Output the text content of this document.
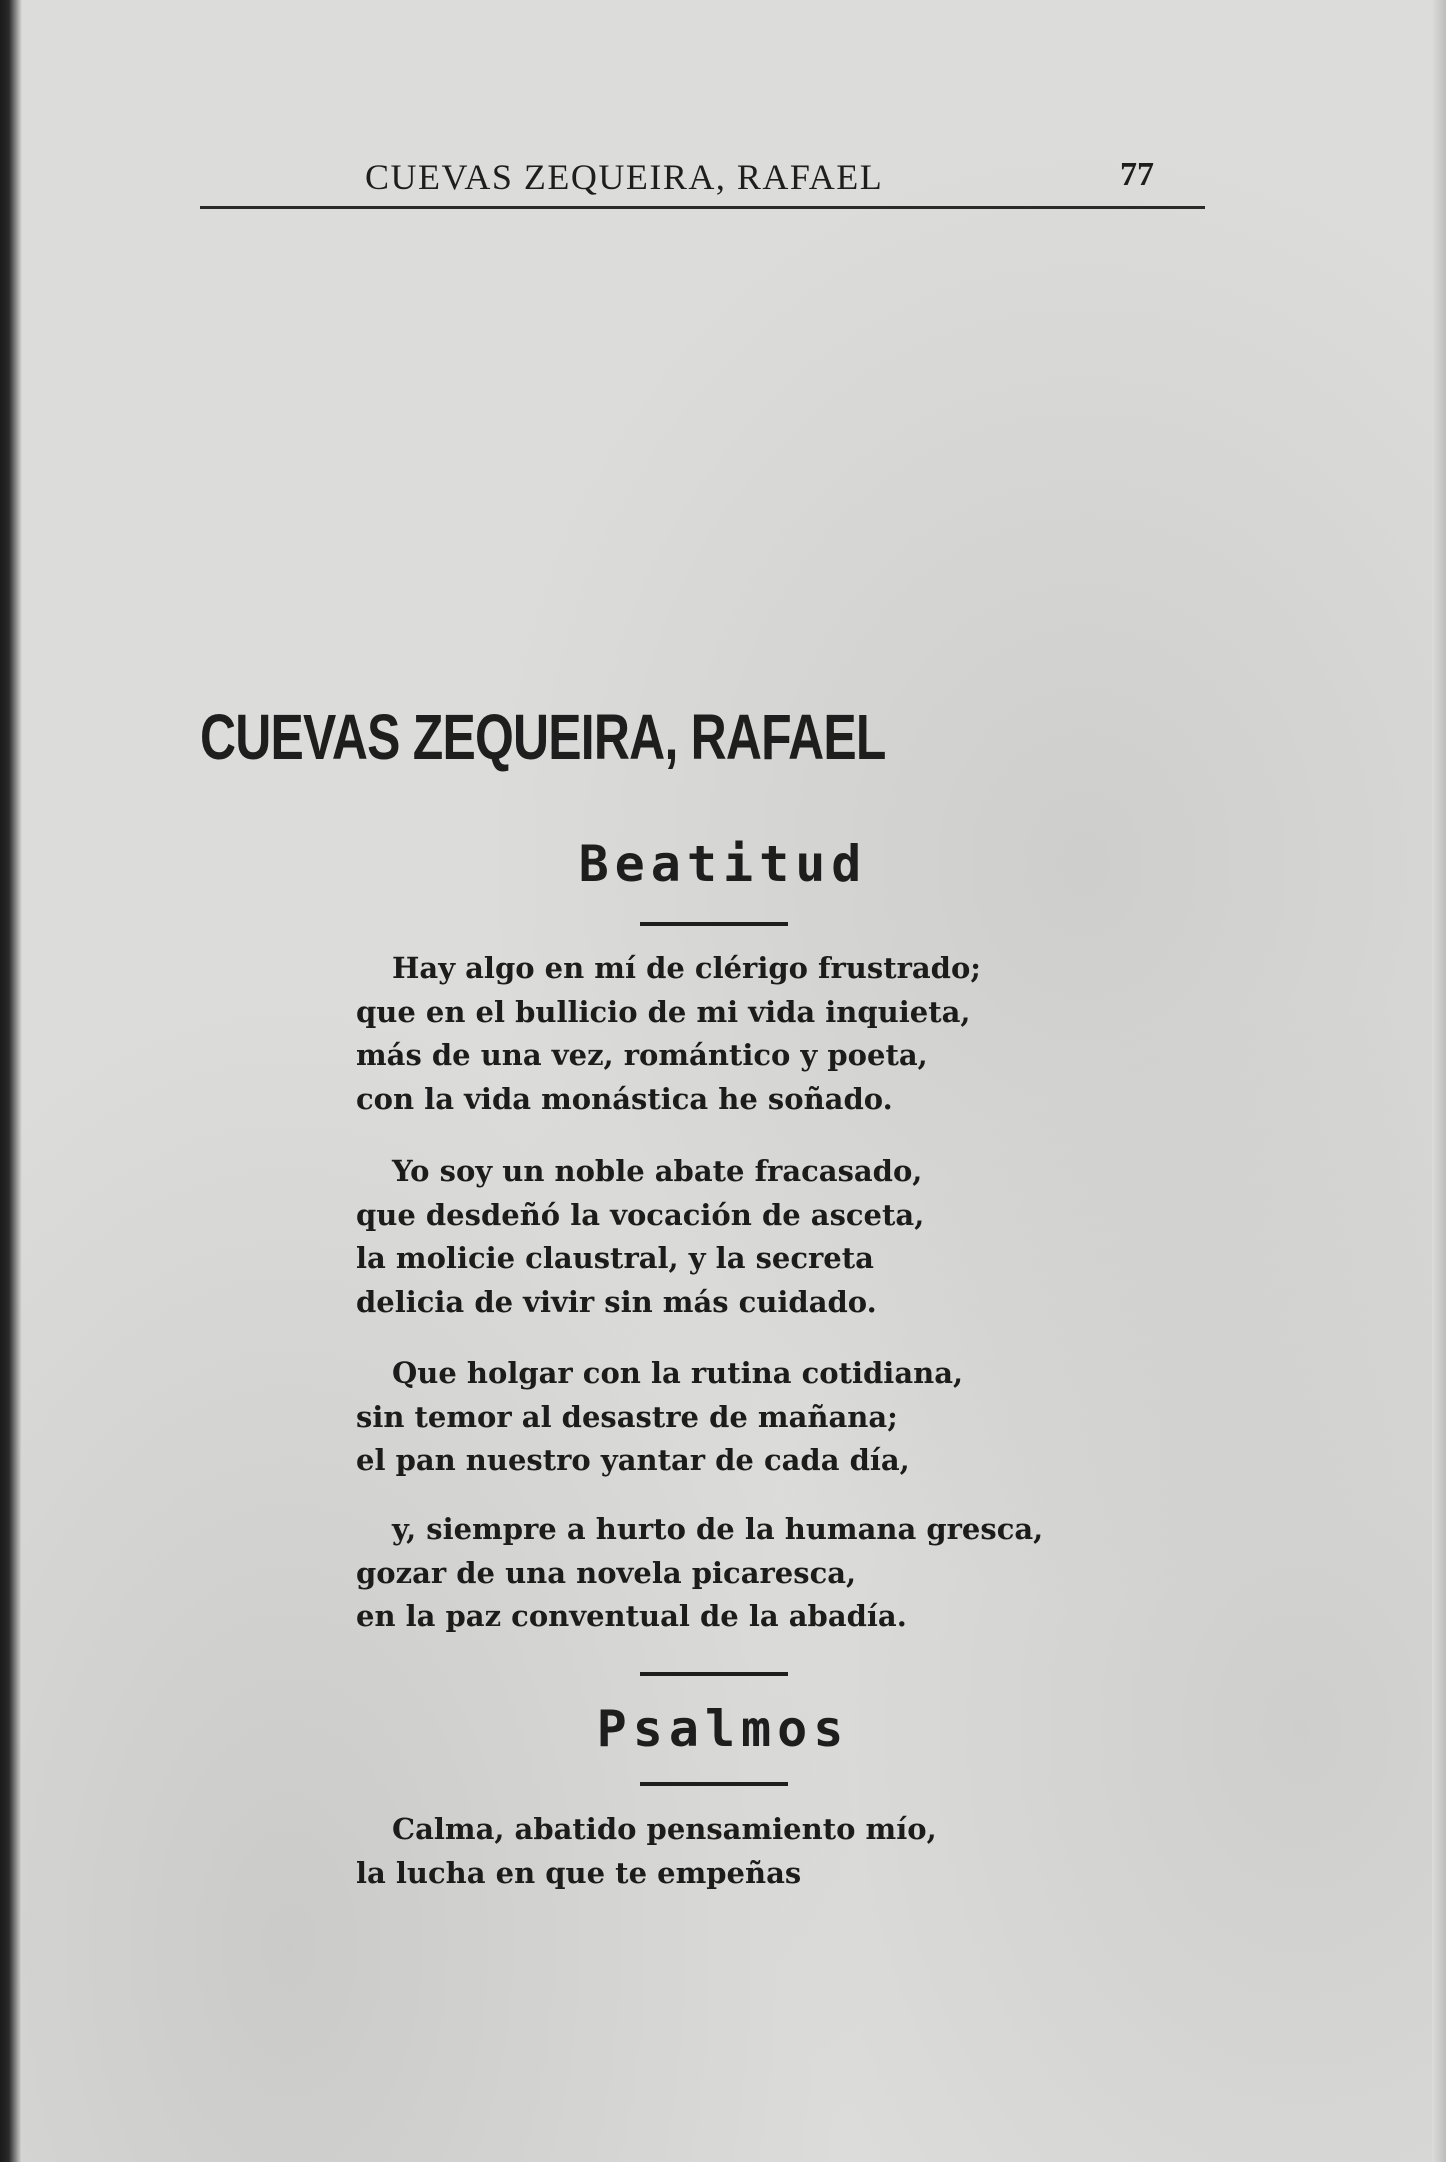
CUEVAS ZEQUEIRA, RAFAEL	77
CUEVAS ZEQUEIRA, RAFAEL
Beatitud
Hay algo en mí de clérigo frustrado;
que en el bullicio de mi vida inquieta,
más de una vez, romántico y poeta,
con la vida monástica he soñado.
Yo soy un noble abate fracasado,
que desdeñó la vocación de asceta,
la molicie claustral, y la secreta
delicia de vivir sin más cuidado.
Que holgar con la rutina cotidiana,
sin temor al desastre de mañana;
el pan nuestro yantar de cada día,
y, siempre a hurto de la humana gresca,
gozar de una novela picaresca,
en la paz conventual de la abadía.
Psalmos
Calma, abatido pensamiento mío,
la lucha en que te empeñas
